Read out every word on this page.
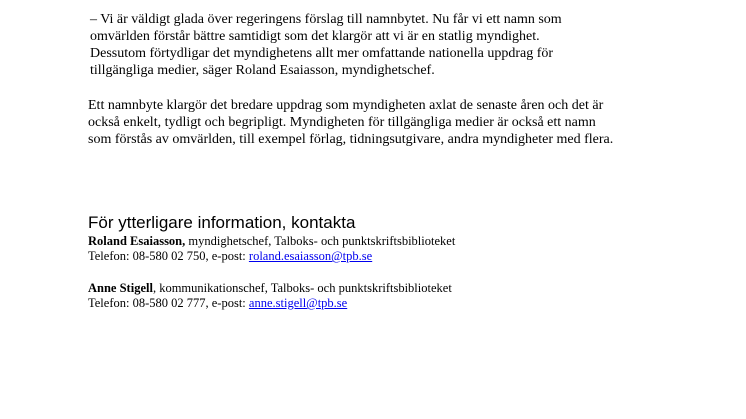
– Vi är väldigt glada över regeringens förslag till namnbytet. Nu får vi ett namn som
omvärlden förstår bättre samtidigt som det klargör att vi är en statlig myndighet.
Dessutom förtydligar det myndighetens allt mer omfattande nationella uppdrag för
tillgängliga medier, säger Roland Esaiasson, myndighetschef.

Ett namnbyte klargör det bredare uppdrag som myndigheten axlat de senaste åren och det är
också enkelt, tydligt och begripligt. Myndigheten för tillgängliga medier är också ett namn
som förstås av omvärlden, till exempel förlag, tidningsutgivare, andra myndigheter med flera.

För ytterligare information, kontakta
Roland Esaiasson, myndighetschef, Talboks- och punktskriftsbiblioteket
Telefon: 08-580 02 750, e-post: roland.esaiasson@tpb.se
Anne Stigell, kommunikationschef, Talboks- och punktskriftsbiblioteket
Telefon: 08-580 02 777, e-post: anne.stigell@tpb.se
